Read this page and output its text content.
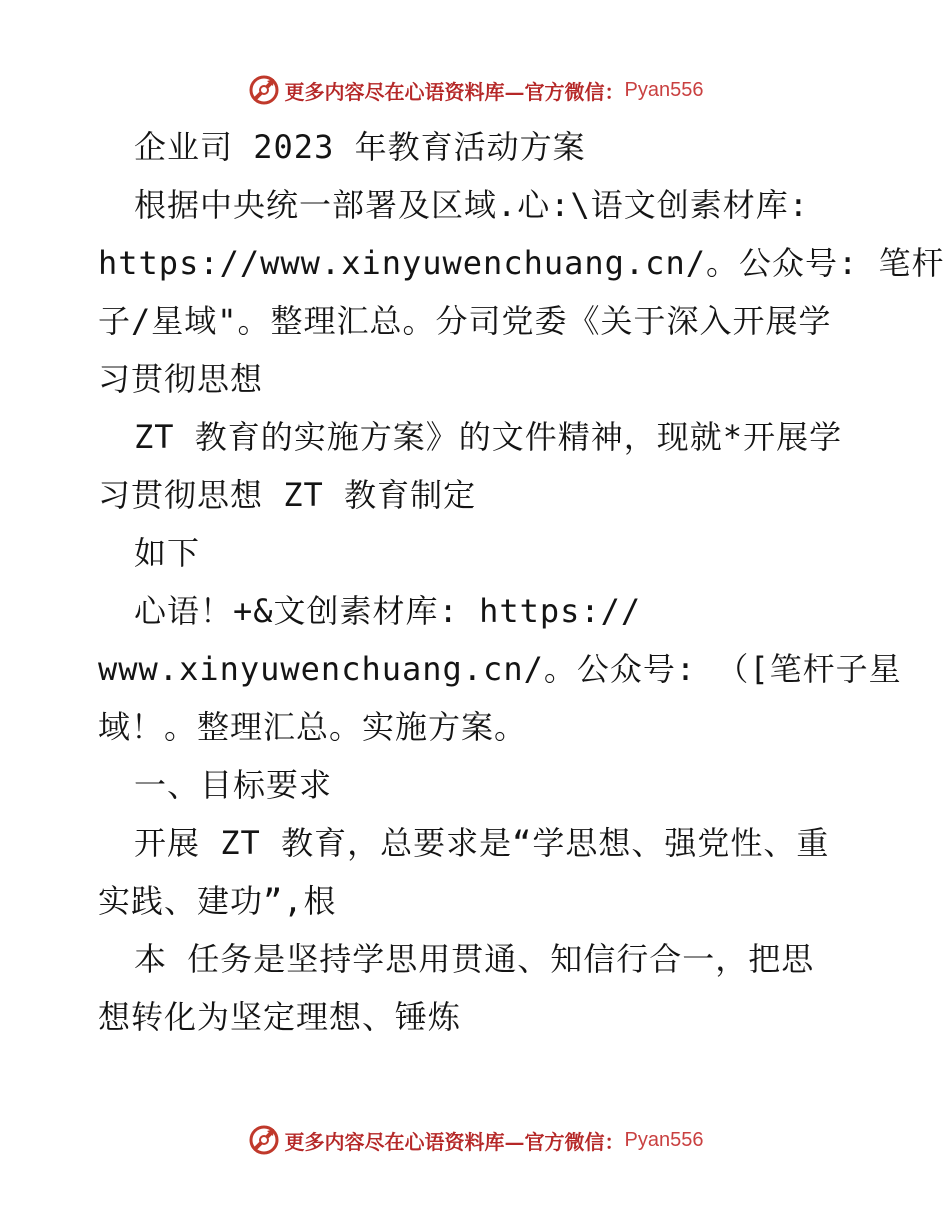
更多内容尽在心语资料库—官方微信： Pyan556
企业司 2023 年教育活动方案
根据中央统一部署及区域.心:\语文创素材库:
https://www.xinyuwenchuang.cn/。公众号: 笔杆
子/星域"。整理汇总。分司党委《关于深入开展学
习贯彻思想
ZT 教育的实施方案》的文件精神，现就*开展学
习贯彻思想 ZT 教育制定
如下
心语！+&文创素材库: https://
www.xinyuwenchuang.cn/。公众号: （[笔杆子星
域！。整理汇总。实施方案。
一、目标要求
开展 ZT 教育，总要求是“学思想、强党性、重
实践、建功”,根
本 任务是坚持学思用贯通、知信行合一，把思
想转化为坚定理想、锤炼
更多内容尽在心语资料库—官方微信： Pyan556
